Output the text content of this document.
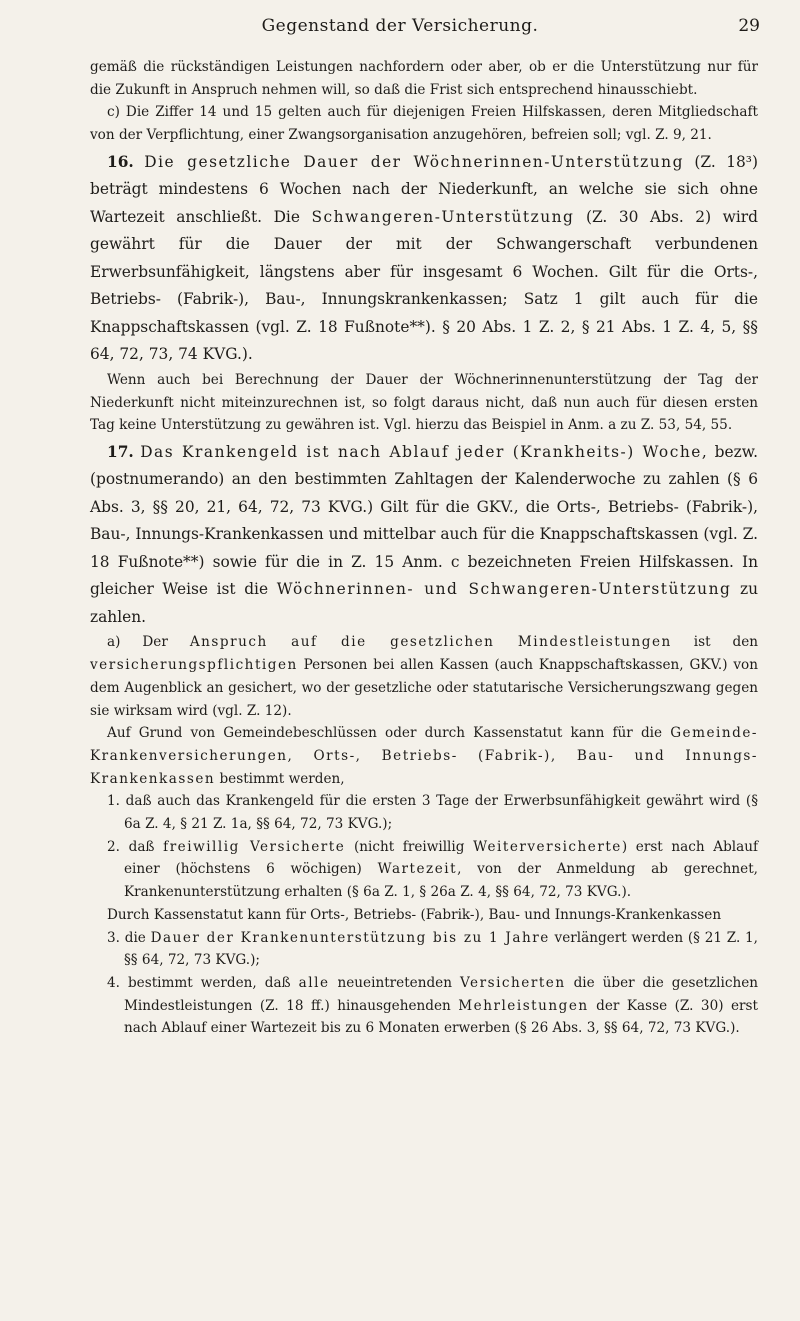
Gegenstand der Versicherung.	29

gemäß die rückständigen Leistungen nachfordern oder aber, ob er die Unterstützung nur für die Zukunft in Anspruch nehmen will, so daß die Frist sich entsprechend hinausschiebt.

c) Die Ziffer 14 und 15 gelten auch für diejenigen Freien Hilfskassen, deren Mitgliedschaft von der Verpflichtung, einer Zwangsorganisation anzugehören, befreien soll; vgl. Z. 9, 21.

16. Die gesetzliche Dauer der Wöchnerinnen-Unterstützung (Z. 18³) beträgt mindestens 6 Wochen nach der Niederkunft, an welche sie sich ohne Wartezeit anschließt. Die Schwangeren-Unterstützung (Z. 30 Abs. 2) wird gewährt für die Dauer der mit der Schwangerschaft verbundenen Erwerbsunfähigkeit, längstens aber für insgesamt 6 Wochen. Gilt für die Orts-, Betriebs- (Fabrik-), Bau-, Innungskrankenkassen; Satz 1 gilt auch für die Knappschaftskassen (vgl. Z. 18 Fußnote**). § 20 Abs. 1 Z. 2, § 21 Abs. 1 Z. 4, 5, §§ 64, 72, 73, 74 KVG.).

Wenn auch bei Berechnung der Dauer der Wöchnerinnenunterstützung der Tag der Niederkunft nicht miteinzurechnen ist, so folgt daraus nicht, daß nun auch für diesen ersten Tag keine Unterstützung zu gewähren ist. Vgl. hierzu das Beispiel in Anm. a zu Z. 53, 54, 55.

17. Das Krankengeld ist nach Ablauf jeder (Krankheits-) Woche, bezw. (postnumerando) an den bestimmten Zahltagen der Kalenderwoche zu zahlen (§ 6 Abs. 3, §§ 20, 21, 64, 72, 73 KVG.) Gilt für die GKV., die Orts-, Betriebs- (Fabrik-), Bau-, Innungs-Krankenkassen und mittelbar auch für die Knappschaftskassen (vgl. Z. 18 Fußnote**) sowie für die in Z. 15 Anm. c bezeichneten Freien Hilfskassen. In gleicher Weise ist die Wöchnerinnen- und Schwangeren-Unterstützung zu zahlen.

a) Der Anspruch auf die gesetzlichen Mindestleistungen ist den versicherungspflichtigen Personen bei allen Kassen (auch Knappschaftskassen, GKV.) von dem Augenblick an gesichert, wo der gesetzliche oder statutarische Versicherungszwang gegen sie wirksam wird (vgl. Z. 12).

Auf Grund von Gemeindebeschlüssen oder durch Kassenstatut kann für die Gemeinde-Krankenversicherungen, Orts-, Betriebs- (Fabrik-), Bau- und Innungs-Krankenkassen bestimmt werden,

1. daß auch das Krankengeld für die ersten 3 Tage der Erwerbsunfähigkeit gewährt wird (§ 6a Z. 4, § 21 Z. 1a, §§ 64, 72, 73 KVG.);

2. daß freiwillig Versicherte (nicht freiwillig Weiterversicherte) erst nach Ablauf einer (höchstens 6 wöchigen) Wartezeit, von der Anmeldung ab gerechnet, Krankenunterstützung erhalten (§ 6a Z. 1, § 26a Z. 4, §§ 64, 72, 73 KVG.).

Durch Kassenstatut kann für Orts-, Betriebs- (Fabrik-), Bau- und Innungs-Krankenkassen

3. die Dauer der Krankenunterstützung bis zu 1 Jahre verlängert werden (§ 21 Z. 1, §§ 64, 72, 73 KVG.);

4. bestimmt werden, daß alle neueintretenden Versicherten die über die gesetzlichen Mindestleistungen (Z. 18 ff.) hinausgehenden Mehrleistungen der Kasse (Z. 30) erst nach Ablauf einer Wartezeit bis zu 6 Monaten erwerben (§ 26 Abs. 3, §§ 64, 72, 73 KVG.).
